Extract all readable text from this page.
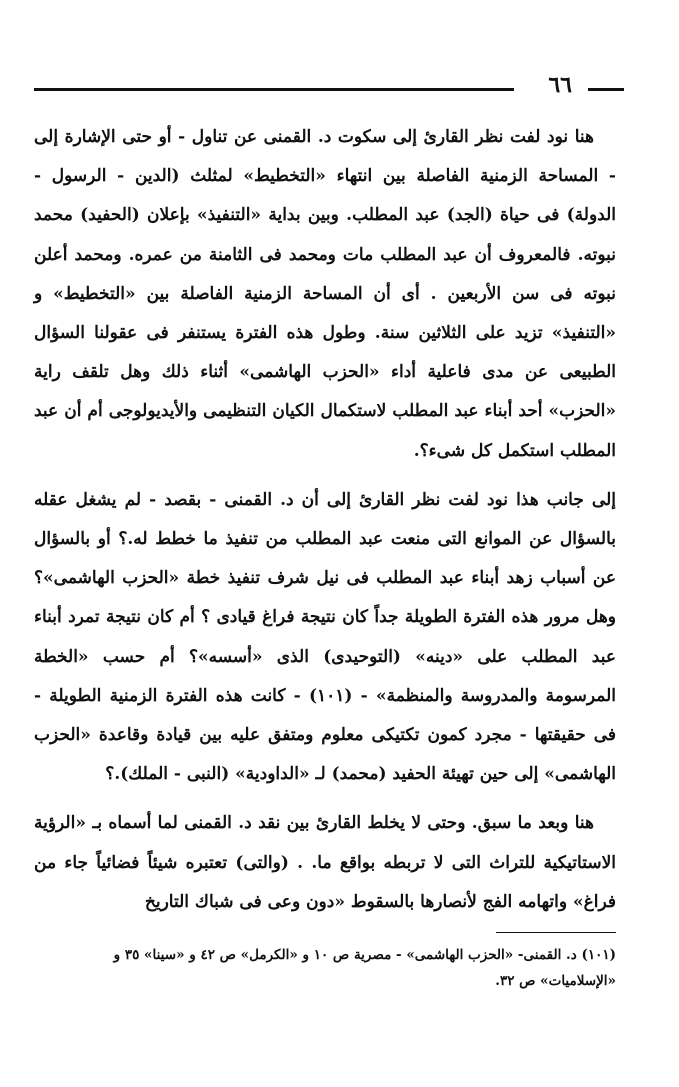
٦٦

هنا نود لفت نظر القارئ إلى سكوت د. القمنى عن تناول - أو حتى الإشارة إلى - المساحة الزمنية الفاصلة بين انتهاء «التخطيط» لمثلث (الدين - الرسول - الدولة) فى حياة (الجد) عبد المطلب. وبين بداية «التنفيذ» بإعلان (الحفيد) محمد نبوته. فالمعروف أن عبد المطلب مات ومحمد فى الثامنة من عمره. ومحمد أعلن نبوته فى سن الأربعين . أى أن المساحة الزمنية الفاصلة بين «التخطيط» و «التنفيذ» تزيد على الثلاثين سنة. وطول هذه الفترة يستنفر فى عقولنا السؤال الطبيعى عن مدى فاعلية أداء «الحزب الهاشمى» أثناء ذلك وهل تلقف راية «الحزب» أحد أبناء عبد المطلب لاستكمال الكيان التنظيمى والأيديولوجى أم أن عبد المطلب استكمل كل شىء؟.

إلى جانب هذا نود لفت نظر القارئ إلى أن د. القمنى - بقصد - لم يشغل عقله بالسؤال عن الموانع التى منعت عبد المطلب من تنفيذ ما خطط له.؟ أو بالسؤال عن أسباب زهد أبناء عبد المطلب فى نيل شرف تنفيذ خطة «الحزب الهاشمى»؟ وهل مرور هذه الفترة الطويلة جداً كان نتيجة فراغ قيادى ؟ أم كان نتيجة تمرد أبناء عبد المطلب على «دينه» (التوحيدى) الذى «أسسه»؟ أم حسب «الخطة المرسومة والمدروسة والمنظمة» - (١٠١) - كانت هذه الفترة الزمنية الطويلة - فى حقيقتها - مجرد كمون تكتيكى معلوم ومتفق عليه بين قيادة وقاعدة «الحزب الهاشمى» إلى حين تهيئة الحفيد (محمد) لـ «الداودية» (النبى - الملك).؟

هنا وبعد ما سبق. وحتى لا يخلط القارئ بين نقد د. القمنى لما أسماه بـ «الرؤية الاستاتيكية للتراث التى لا تربطه بواقع ما. . (والتى) تعتبره شيئاً فضائياً جاء من فراغ» واتهامه الفج لأنصارها بالسقوط «دون وعى فى شباك التاريخ

(١٠١) د. القمنى- «الحزب الهاشمى» - مصرية ص ١٠ و «الكرمل» ص ٤٢ و «سينا» ٣٥ و «الإسلاميات» ص ٣٢.
